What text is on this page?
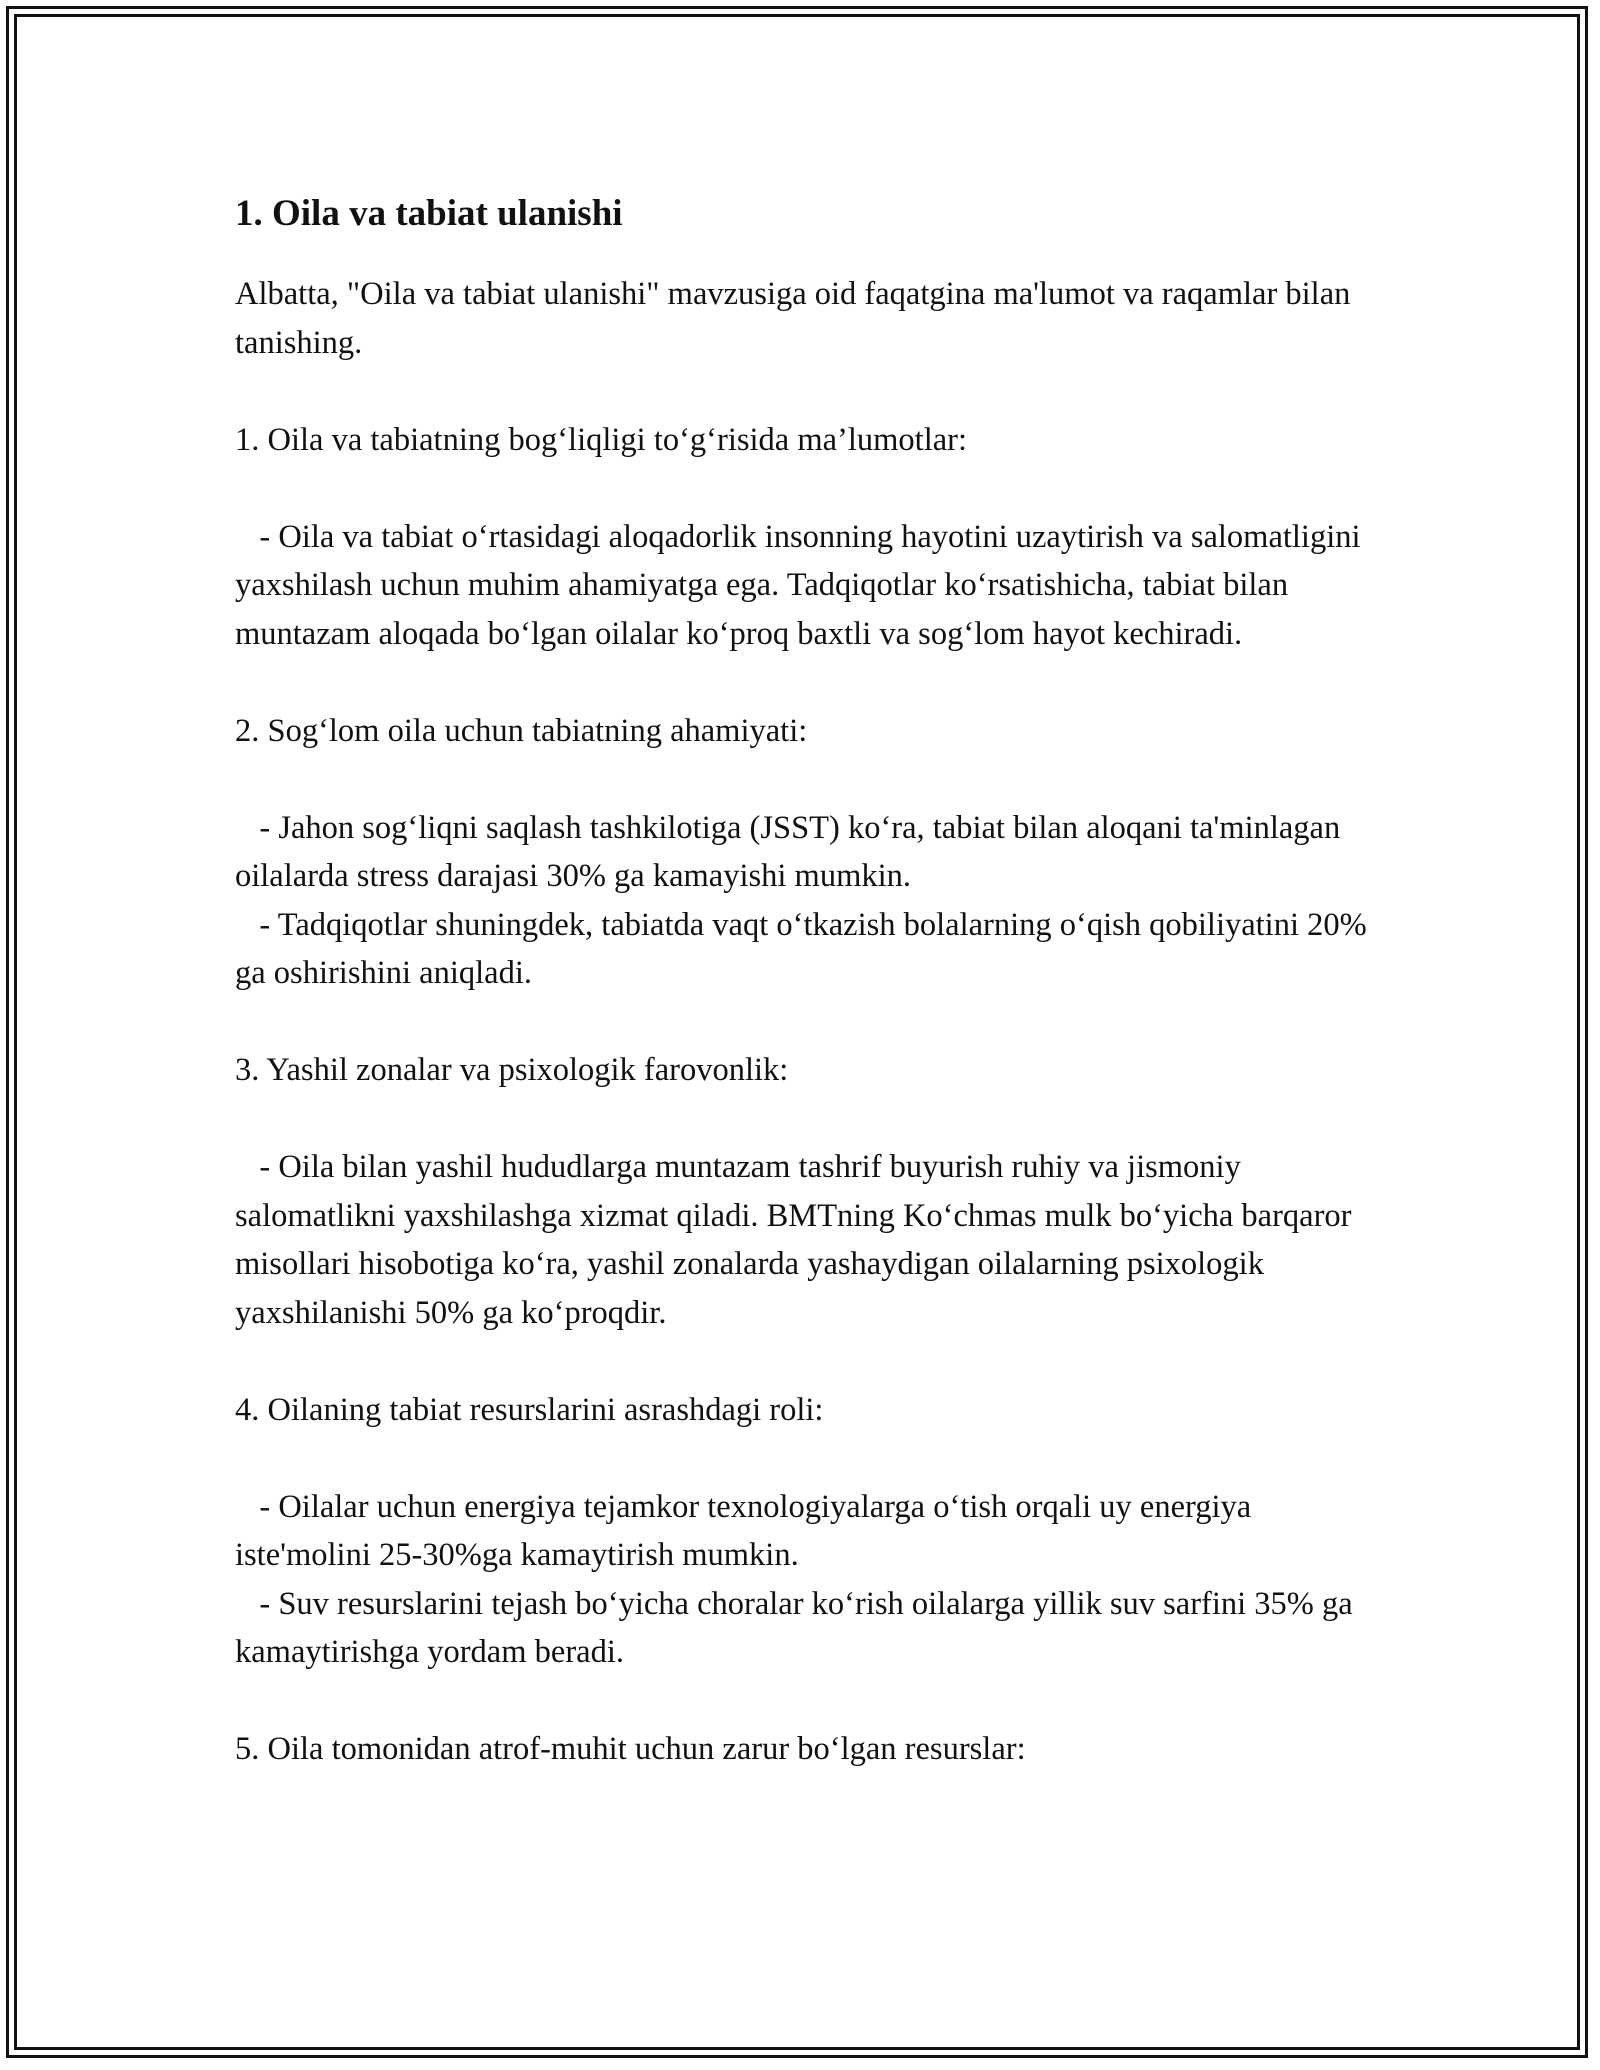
1. Oila va tabiat ulanishi

Albatta, "Oila va tabiat ulanishi" mavzusiga oid faqatgina ma'lumot va raqamlar bilan tanishing.

1. Oila va tabiatning bog‘liqligi to‘g‘risida ma’lumotlar:

- Oila va tabiat o‘rtasidagi aloqadorlik insonning hayotini uzaytirish va salomatligini yaxshilash uchun muhim ahamiyatga ega. Tadqiqotlar ko‘rsatishicha, tabiat bilan muntazam aloqada bo‘lgan oilalar ko‘proq baxtli va sog‘lom hayot kechiradi.

2. Sog‘lom oila uchun tabiatning ahamiyati:

- Jahon sog‘liqni saqlash tashkilotiga (JSST) ko‘ra, tabiat bilan aloqani ta'minlagan oilalarda stress darajasi 30% ga kamayishi mumkin.
- Tadqiqotlar shuningdek, tabiatda vaqt o‘tkazish bolalarning o‘qish qobiliyatini 20% ga oshirishini aniqladi.

3. Yashil zonalar va psixologik farovonlik:

- Oila bilan yashil hududlarga muntazam tashrif buyurish ruhiy va jismoniy salomatlikni yaxshilashga xizmat qiladi. BMTning Ko‘chmas mulk bo‘yicha barqaror misollari hisobotiga ko‘ra, yashil zonalarda yashaydigan oilalarning psixologik yaxshilanishi 50% ga ko‘proqdir.

4. Oilaning tabiat resurslarini asrashdagi roli:

- Oilalar uchun energiya tejamkor texnologiyalarga o‘tish orqali uy energiya iste'molini 25-30%ga kamaytirish mumkin.
- Suv resurslarini tejash bo‘yicha choralar ko‘rish oilalarga yillik suv sarfini 35% ga kamaytirishga yordam beradi.

5. Oila tomonidan atrof-muhit uchun zarur bo‘lgan resurslar:
